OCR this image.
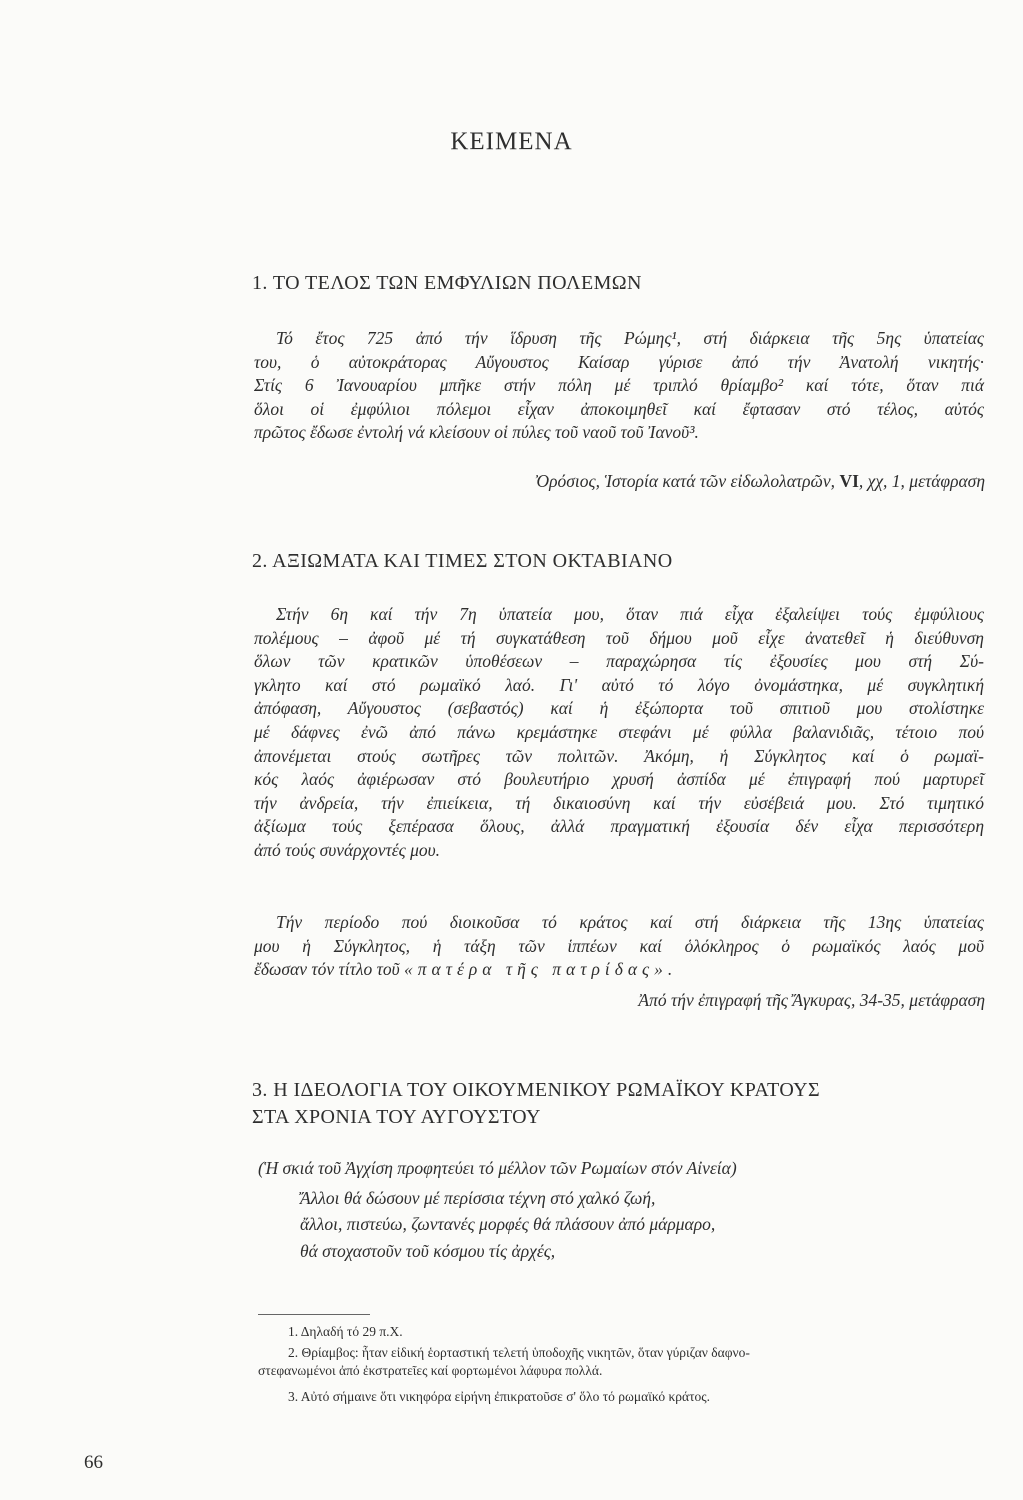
ΚΕΙΜΕΝΑ
1. ΤΟ ΤΕΛΟΣ ΤΩΝ ΕΜΦΥΛΙΩΝ ΠΟΛΕΜΩΝ

Τό ἔτος 725 ἀπό τήν ἵδρυση τῆς Ρώμης¹, στή διάρκεια τῆς 5ης ὑπατείας
του, ὁ αὐτοκράτορας Αὔγουστος Καίσαρ γύρισε ἀπό τήν Ἀνατολή νικητής·
Στίς 6 Ἰανουαρίου μπῆκε στήν πόλη μέ τριπλό θρίαμβο² καί τότε, ὅταν πιά
ὅλοι οἱ ἐμφύλιοι πόλεμοι εἶχαν ἀποκοιμηθεῖ καί ἔφτασαν στό τέλος, αὐτός
πρῶτος ἔδωσε ἐντολή νά κλείσουν οἱ πύλες τοῦ ναοῦ τοῦ Ἰανοῦ³.

Ὀρόσιος, Ἱστορία κατά τῶν εἰδωλολατρῶν, VI, χχ, 1, μετάφραση
2. ΑΞΙΩΜΑΤΑ ΚΑΙ ΤΙΜΕΣ ΣΤΟΝ ΟΚΤΑΒΙΑΝΟ

Στήν 6η καί τήν 7η ὑπατεία μου, ὅταν πιά εἶχα ἐξαλείψει τούς ἐμφύλιους
πολέμους – ἀφοῦ μέ τή συγκατάθεση τοῦ δήμου μοῦ εἶχε ἀνατεθεῖ ἡ διεύθυνση
ὅλων τῶν κρατικῶν ὑποθέσεων – παραχώρησα τίς ἐξουσίες μου στή Σύ-
γκλητο καί στό ρωμαϊκό λαό. Γι' αὐτό τό λόγο ὀνομάστηκα, μέ συγκλητική
ἀπόφαση, Αὔγουστος (σεβαστός) καί ἡ ἐξώπορτα τοῦ σπιτιοῦ μου στολίστηκε
μέ δάφνες ἐνῶ ἀπό πάνω κρεμάστηκε στεφάνι μέ φύλλα βαλανιδιᾶς, τέτοιο πού
ἀπονέμεται στούς σωτῆρες τῶν πολιτῶν. Ἀκόμη, ἡ Σύγκλητος καί ὁ ρωμαϊ-
κός λαός ἀφιέρωσαν στό βουλευτήριο χρυσή ἀσπίδα μέ ἐπιγραφή πού μαρτυρεῖ
τήν ἀνδρεία, τήν ἐπιείκεια, τή δικαιοσύνη καί τήν εὐσέβειά μου. Στό τιμητικό
ἀξίωμα τούς ξεπέρασα ὅλους, ἀλλά πραγματική ἐξουσία δέν εἶχα περισσότερη
ἀπό τούς συνάρχοντές μου.

Τήν περίοδο πού διοικοῦσα τό κράτος καί στή διάρκεια τῆς 13ης ὑπατείας
μου ἡ Σύγκλητος, ἡ τάξη τῶν ἱππέων καί ὁλόκληρος ὁ ρωμαϊκός λαός μοῦ
ἔδωσαν τόν τίτλο τοῦ «πατέρα τῆς πατρίδας».

Ἀπό τήν ἐπιγραφή τῆς Ἄγκυρας, 34-35, μετάφραση
3. Η ΙΔΕΟΛΟΓΙΑ ΤΟΥ ΟΙΚΟΥΜΕΝΙΚΟΥ ΡΩΜΑΪΚΟΥ ΚΡΑΤΟΥΣ
ΣΤΑ ΧΡΟΝΙΑ ΤΟΥ ΑΥΓΟΥΣΤΟΥ
(Ἡ σκιά τοῦ Ἀγχίση προφητεύει τό μέλλον τῶν Ρωμαίων στόν Αἰνεία)
Ἄλλοι θά δώσουν μέ περίσσια τέχνη στό χαλκό ζωή,
ἄλλοι, πιστεύω, ζωντανές μορφές θά πλάσουν ἀπό μάρμαρο,
θά στοχαστοῦν τοῦ κόσμου τίς ἀρχές,
1. Δηλαδή τό 29 π.Χ.
2. Θρίαμβος: ἦταν εἰδική ἑορταστική τελετή ὑποδοχῆς νικητῶν, ὅταν γύριζαν δαφνο-
στεφανωμένοι ἀπό ἐκστρατεῖες καί φορτωμένοι λάφυρα πολλά.
3. Αὐτό σήμαινε ὅτι νικηφόρα εἰρήνη ἐπικρατοῦσε σ' ὅλο τό ρωμαϊκό κράτος.
66
